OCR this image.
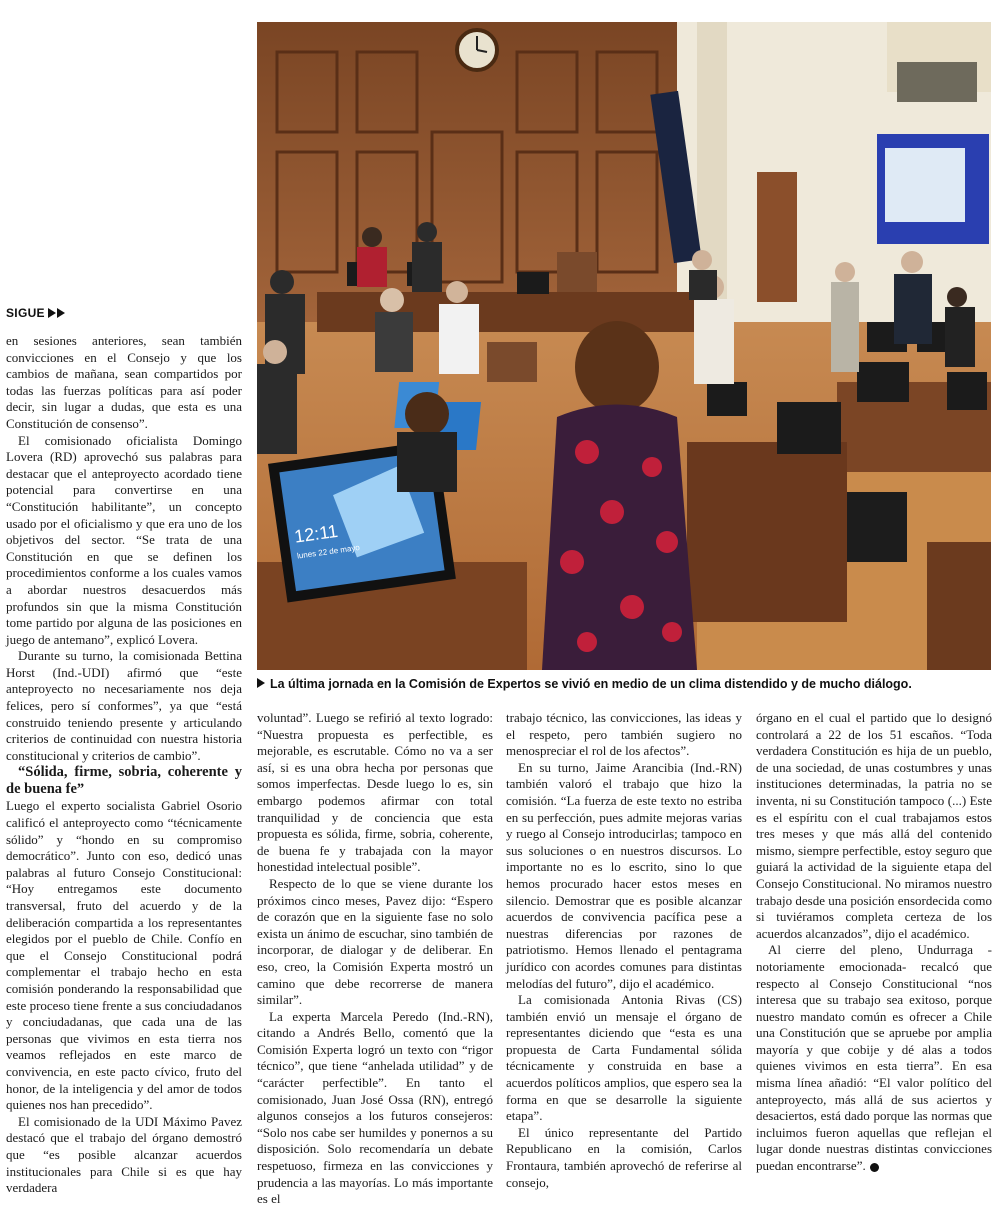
SIGUE

en sesiones anteriores, sean también convicciones en el Consejo y que los cambios de mañana, sean compartidos por todas las fuerzas políticas para así poder decir, sin lugar a dudas, que esta es una Constitución de consenso”.

El comisionado oficialista Domingo Lovera (RD) aprovechó sus palabras para destacar que el anteproyecto acordado tiene potencial para convertirse en una “Constitución habilitante”, un concepto usado por el oficialismo y que era uno de los objetivos del sector. “Se trata de una Constitución en que se definen los procedimientos conforme a los cuales vamos a abordar nuestros desacuerdos más profundos sin que la misma Constitución tome partido por alguna de las posiciones en juego de antemano”, explicó Lovera.

Durante su turno, la comisionada Bettina Horst (Ind.-UDI) afirmó que “este anteproyecto no necesariamente nos deja felices, pero sí conformes”, ya que “está construido teniendo presente y articulando criterios de continuidad con nuestra historia constitucional y criterios de cambio”.

“Sólida, firme, sobria, coherente y de buena fe”

Luego el experto socialista Gabriel Osorio calificó el anteproyecto como “técnicamente sólido” y “hondo en su compromiso democrático”. Junto con eso, dedicó unas palabras al futuro Consejo Constitucional: “Hoy entregamos este documento transversal, fruto del acuerdo y de la deliberación compartida a los representantes elegidos por el pueblo de Chile. Confío en que el Consejo Constitucional podrá complementar el trabajo hecho en esta comisión ponderando la responsabilidad que este proceso tiene frente a sus conciudadanos y conciudadanas, que cada una de las personas que vivimos en esta tierra nos veamos reflejados en este marco de convivencia, en este pacto cívico, fruto del honor, de la inteligencia y del amor de todos quienes nos han precedido”.

El comisionado de la UDI Máximo Pavez destacó que el trabajo del órgano demostró que “es posible alcanzar acuerdos institucionales para Chile si es que hay verdadera

12:11
lunes 22 de mayo
La última jornada en la Comisión de Expertos se vivió en medio de un clima distendido y de mucho diálogo.

voluntad”. Luego se refirió al texto logrado: “Nuestra propuesta es perfectible, es mejorable, es escrutable. Cómo no va a ser así, si es una obra hecha por personas que somos imperfectas. Desde luego lo es, sin embargo podemos afirmar con total tranquilidad y de conciencia que esta propuesta es sólida, firme, sobria, coherente, de buena fe y trabajada con la mayor honestidad intelectual posible”.

Respecto de lo que se viene durante los próximos cinco meses, Pavez dijo: “Espero de corazón que en la siguiente fase no solo exista un ánimo de escuchar, sino también de incorporar, de dialogar y de deliberar. En eso, creo, la Comisión Experta mostró un camino que debe recorrerse de manera similar”.

La experta Marcela Peredo (Ind.-RN), citando a Andrés Bello, comentó que la Comisión Experta logró un texto con “rigor técnico”, que tiene “anhelada utilidad” y de “carácter perfectible”. En tanto el comisionado, Juan José Ossa (RN), entregó algunos consejos a los futuros consejeros: “Solo nos cabe ser humildes y ponernos a su disposición. Solo recomendaría un debate respetuoso, firmeza en las convicciones y prudencia a las mayorías. Lo más importante es el

trabajo técnico, las convicciones, las ideas y el respeto, pero también sugiero no menospreciar el rol de los afectos”.

En su turno, Jaime Arancibia (Ind.-RN) también valoró el trabajo que hizo la comisión. “La fuerza de este texto no estriba en su perfección, pues admite mejoras varias y ruego al Consejo introducirlas; tampoco en sus soluciones o en nuestros discursos. Lo importante no es lo escrito, sino lo que hemos procurado hacer estos meses en silencio. Demostrar que es posible alcanzar acuerdos de convivencia pacífica pese a nuestras diferencias por razones de patriotismo. Hemos llenado el pentagrama jurídico con acordes comunes para distintas melodías del futuro”, dijo el académico.

La comisionada Antonia Rivas (CS) también envió un mensaje el órgano de representantes diciendo que “esta es una propuesta de Carta Fundamental sólida técnicamente y construida en base a acuerdos políticos amplios, que espero sea la forma en que se desarrolle la siguiente etapa”.

El único representante del Partido Republicano en la comisión, Carlos Frontaura, también aprovechó de referirse al consejo,

órgano en el cual el partido que lo designó controlará a 22 de los 51 escaños. “Toda verdadera Constitución es hija de un pueblo, de una sociedad, de unas costumbres y unas instituciones determinadas, la patria no se inventa, ni su Constitución tampoco (...) Este es el espíritu con el cual trabajamos estos tres meses y que más allá del contenido mismo, siempre perfectible, estoy seguro que guiará la actividad de la siguiente etapa del Consejo Constitucional. No miramos nuestro trabajo desde una posición ensordecida como si tuviéramos completa certeza de los acuerdos alcanzados”, dijo el académico.

Al cierre del pleno, Undurraga -notoriamente emocionada- recalcó que respecto al Consejo Constitucional “nos interesa que su trabajo sea exitoso, porque nuestro mandato común es ofrecer a Chile una Constitución que se apruebe por amplia mayoría y que cobije y dé alas a todos quienes vivimos en esta tierra”. En esa misma línea añadió: “El valor político del anteproyecto, más allá de sus aciertos y desaciertos, está dado porque las normas que incluimos fueron aquellas que reflejan el lugar donde nuestras distintas convicciones puedan encontrarse”.
